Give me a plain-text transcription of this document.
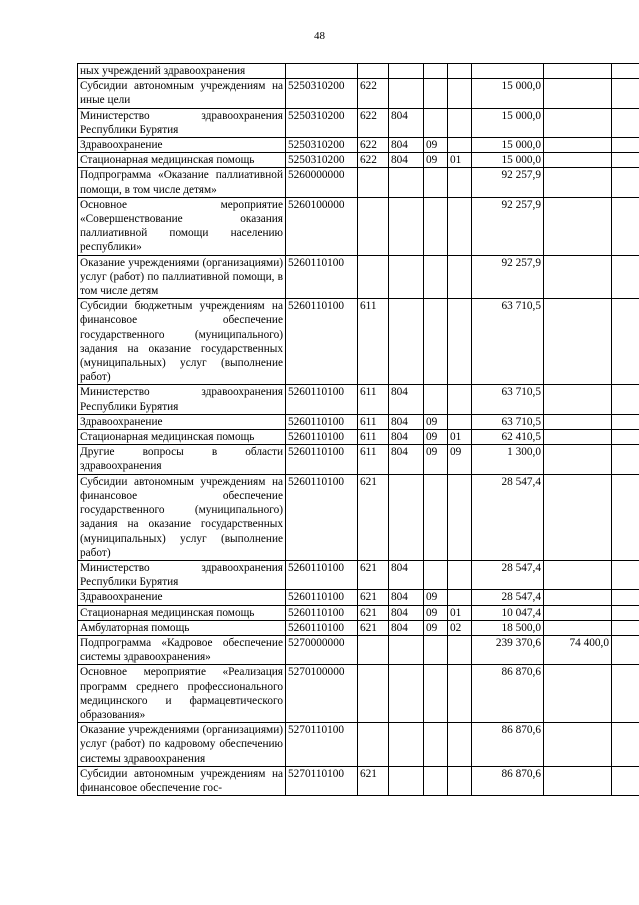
48
ных учреждений здравоохранения								
Субсидии автономным учреждениям на иные цели	5250310200	622				15 000,0		
Министерство здравоохранения Республики Бурятия	5250310200	622	804			15 000,0		
Здравоохранение	5250310200	622	804	09		15 000,0		
Стационарная медицинская помощь	5250310200	622	804	09	01	15 000,0		
Подпрограмма «Оказание паллиативной помощи, в том числе детям»	5260000000					92 257,9		
Основное мероприятие «Совершенствование оказания паллиативной помощи населению республики»	5260100000					92 257,9		
Оказание учреждениями (организациями) услуг (работ) по паллиативной помощи, в том числе детям	5260110100					92 257,9		
Субсидии бюджетным учреждениям на финансовое обеспечение государственного (муниципального) задания на оказание государственных (муниципальных) услуг (выполнение работ)	5260110100	611				63 710,5		
Министерство здравоохранения Республики Бурятия	5260110100	611	804			63 710,5		
Здравоохранение	5260110100	611	804	09		63 710,5		
Стационарная медицинская помощь	5260110100	611	804	09	01	62 410,5		
Другие вопросы в области здравоохранения	5260110100	611	804	09	09	1 300,0		
Субсидии автономным учреждениям на финансовое обеспечение государственного (муниципального) задания на оказание государственных (муниципальных) услуг (выполнение работ)	5260110100	621				28 547,4		
Министерство здравоохранения Республики Бурятия	5260110100	621	804			28 547,4		
Здравоохранение	5260110100	621	804	09		28 547,4		
Стационарная медицинская помощь	5260110100	621	804	09	01	10 047,4		
Амбулаторная помощь	5260110100	621	804	09	02	18 500,0		
Подпрограмма «Кадровое обеспечение системы здравоохранения»	5270000000					239 370,6	74 400,0	
Основное мероприятие «Реализация программ среднего профессионального медицинского и фармацевтического образования»	5270100000					86 870,6		
Оказание учреждениями (организациями) услуг (работ) по кадровому обеспечению системы здравоохранения	5270110100					86 870,6		
Субсидии автономным учреждениям на финансовое обеспечение гос-	5270110100	621				86 870,6		
